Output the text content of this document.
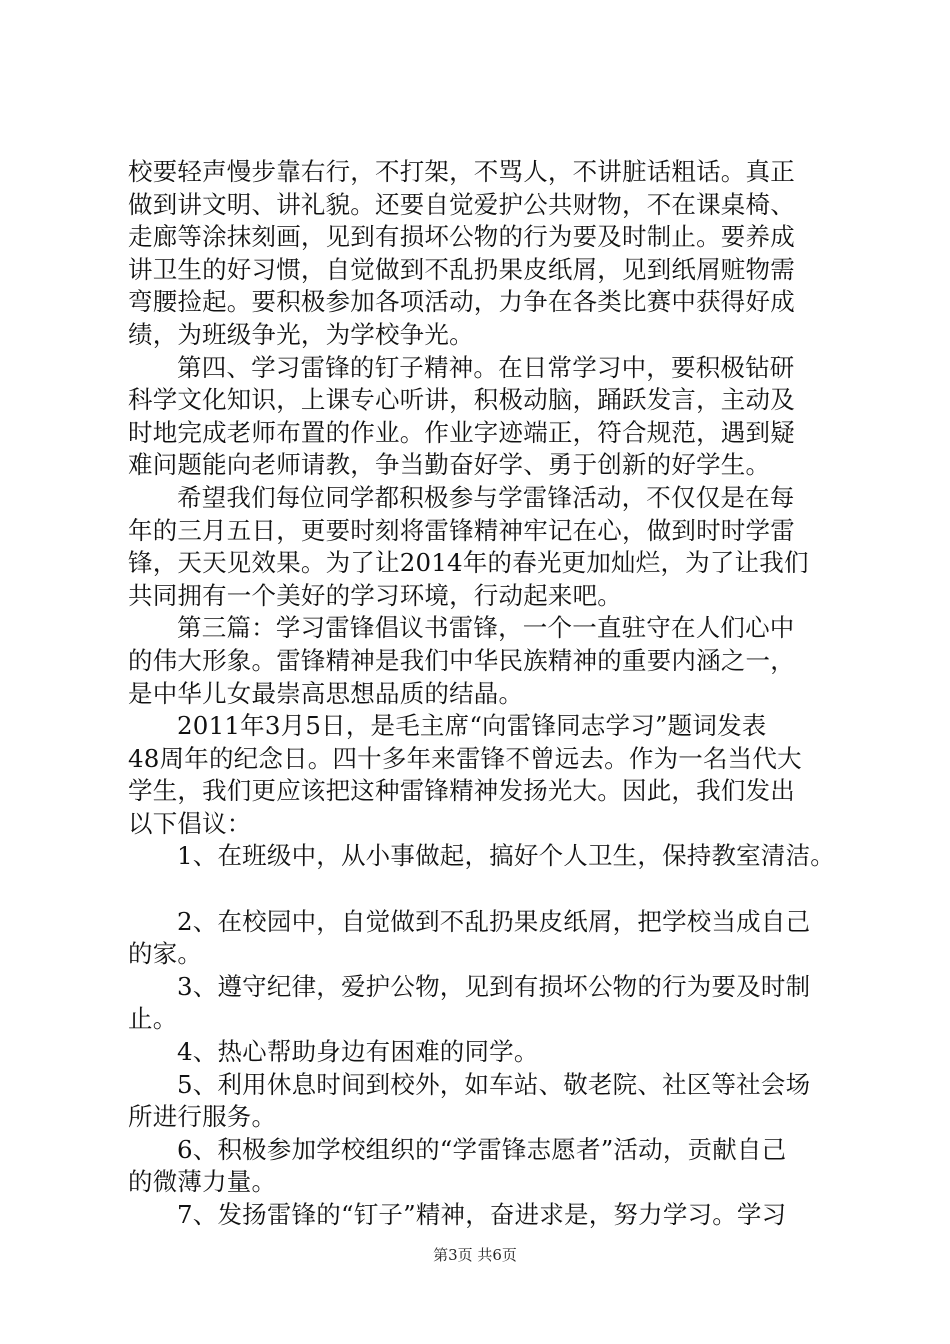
校要轻声慢步靠右行，不打架，不骂人，不讲脏话粗话。真正
做到讲文明、讲礼貌。还要自觉爱护公共财物，不在课桌椅、
走廊等涂抹刻画，见到有损坏公物的行为要及时制止。要养成
讲卫生的好习惯，自觉做到不乱扔果皮纸屑，见到纸屑赃物需
弯腰捡起。要积极参加各项活动，力争在各类比赛中获得好成
绩，为班级争光，为学校争光。
第四、学习雷锋的钉子精神。在日常学习中，要积极钻研
科学文化知识，上课专心听讲，积极动脑，踊跃发言，主动及
时地完成老师布置的作业。作业字迹端正，符合规范，遇到疑
难问题能向老师请教，争当勤奋好学、勇于创新的好学生。
希望我们每位同学都积极参与学雷锋活动，不仅仅是在每
年的三月五日，更要时刻将雷锋精神牢记在心，做到时时学雷
锋，天天见效果。为了让2014年的春光更加灿烂，为了让我们
共同拥有一个美好的学习环境，行动起来吧。
第三篇：学习雷锋倡议书雷锋，一个一直驻守在人们心中
的伟大形象。雷锋精神是我们中华民族精神的重要内涵之一，
是中华儿女最崇高思想品质的结晶。
2011年3月5日，是毛主席“向雷锋同志学习”题词发表
48周年的纪念日。四十多年来雷锋不曾远去。作为一名当代大
学生，我们更应该把这种雷锋精神发扬光大。因此，我们发出
以下倡议：
1、在班级中，从小事做起，搞好个人卫生，保持教室清洁。
2、在校园中，自觉做到不乱扔果皮纸屑，把学校当成自己
的家。
3、遵守纪律，爱护公物，见到有损坏公物的行为要及时制
止。
4、热心帮助身边有困难的同学。
5、利用休息时间到校外，如车站、敬老院、社区等社会场
所进行服务。
6、积极参加学校组织的“学雷锋志愿者”活动，贡献自己
的微薄力量。
7、发扬雷锋的“钉子”精神，奋进求是，努力学习。学习
第3页 共6页
